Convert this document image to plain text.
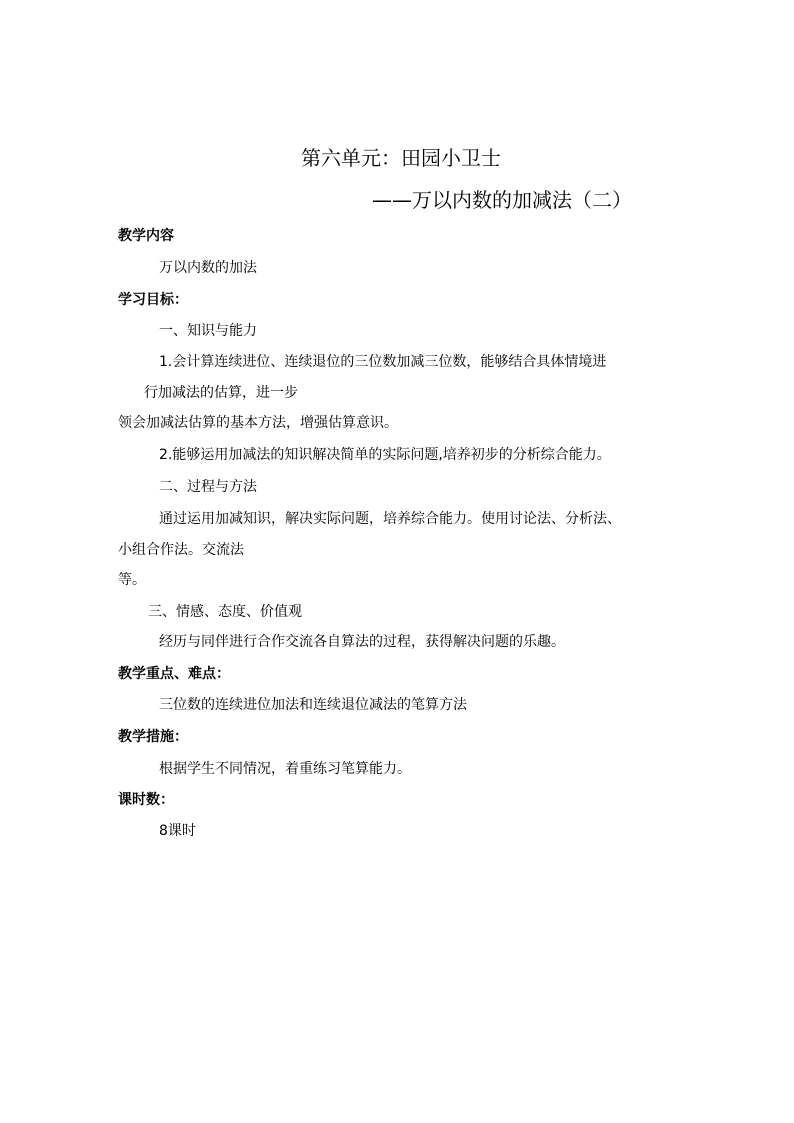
第六单元：田园小卫士
——万以内数的加减法（二）
教学内容
万以内数的加法
学习目标：
一、知识与能力
1.会计算连续进位、连续退位的三位数加减三位数，能够结合具体情境进
行加减法的估算，进一步
领会加减法估算的基本方法，增强估算意识。
2.能够运用加减法的知识解决简单的实际问题,培养初步的分析综合能力。
二、过程与方法
通过运用加减知识，解决实际问题，培养综合能力。使用讨论法、分析法、
小组合作法。交流法
等。
三、情感、态度、价值观
经历与同伴进行合作交流各自算法的过程，获得解决问题的乐趣。
教学重点、难点：
三位数的连续进位加法和连续退位减法的笔算方法
教学措施：
根据学生不同情况，着重练习笔算能力。
课时数：
8课时
